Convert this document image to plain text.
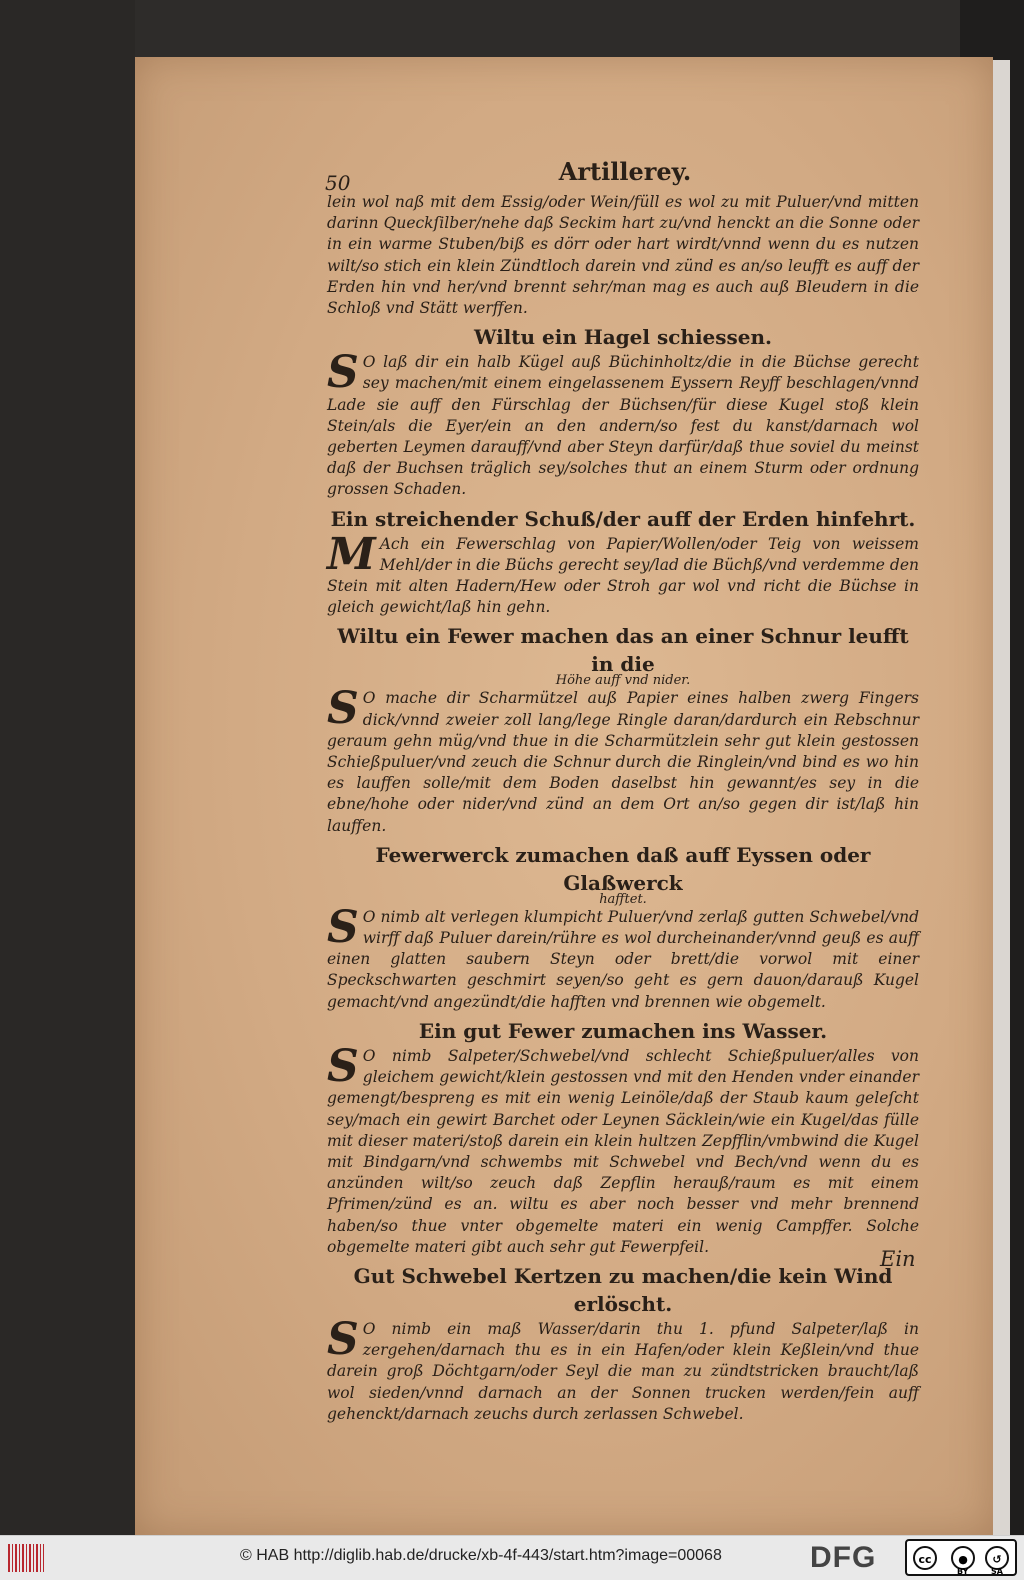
50	Artillerey.

lein wol naß mit dem Essig/oder Wein/füll es wol zu mit Puluer/vnd mitten darinn Queckſilber/nehe daß Seckim hart zu/vnd henckt an die Sonne oder in ein warme Stuben/biß es dörr oder hart wirdt/vnnd wenn du es nutzen wilt/so stich ein klein Zündtloch darein vnd zünd es an/so leufft es auff der Erden hin vnd her/vnd brennt sehr/man mag es auch auß Bleudern in die Schloß vnd Stätt werffen.

Wiltu ein Hagel schiessen.

S O laß dir ein halb Kügel auß Büchinholtz/die in die Büchse gerecht sey machen/mit einem eingelassenem Eyssern Reyff beschlagen/vnnd Lade sie auff den Fürschlag der Büchsen/für diese Kugel stoß klein Stein/als die Eyer/ein an den andern/so fest du kanst/darnach wol geberten Leymen darauff/vnd aber Steyn darfür/daß thue soviel du meinst daß der Buchsen träglich sey/solches thut an einem Sturm oder ordnung grossen Schaden.

Ein streichender Schuß/der auff der Erden hinfehrt.

M Ach ein Fewerschlag von Papier/Wollen/oder Teig von weissem Mehl/der in die Büchs gerecht sey/lad die Büchß/vnd verdemme den Stein mit alten Hadern/Hew oder Stroh gar wol vnd richt die Büchse in gleich gewicht/laß hin gehn.

Wiltu ein Fewer machen das an einer Schnur leufft in die
Höhe auff vnd nider.

S O mache dir Scharmützel auß Papier eines halben zwerg Fingers dick/vnnd zweier zoll lang/lege Ringle daran/dardurch ein Rebschnur geraum gehn müg/vnd thue in die Scharmützlein sehr gut klein gestossen Schießpuluer/vnd zeuch die Schnur durch die Ringlein/vnd bind es wo hin es lauffen solle/mit dem Boden daselbst hin gewannt/es sey in die ebne/hohe oder nider/vnd zünd an dem Ort an/so gegen dir ist/laß hin lauffen.

Fewerwerck zumachen daß auff Eyssen oder Glaßwerck
hafftet.

S O nimb alt verlegen klumpicht Puluer/vnd zerlaß gutten Schwebel/vnd wirff daß Puluer darein/rühre es wol durcheinander/vnnd geuß es auff einen glatten saubern Steyn oder brett/die vorwol mit einer Speckschwarten geschmirt seyen/so geht es gern dauon/darauß Kugel gemacht/vnd angezündt/die hafften vnd brennen wie obgemelt.

Ein gut Fewer zumachen ins Wasser.

S O nimb Salpeter/Schwebel/vnd schlecht Schießpuluer/alles von gleichem gewicht/klein gestossen vnd mit den Henden vnder einander gemengt/bespreng es mit ein wenig Leinöle/daß der Staub kaum geleſcht sey/mach ein gewirt Barchet oder Leynen Säcklein/wie ein Kugel/das fülle mit dieser materi/stoß darein ein klein hultzen Zepfflin/vmbwind die Kugel mit Bindgarn/vnd schwembs mit Schwebel vnd Bech/vnd wenn du es anzünden wilt/so zeuch daß Zepflin herauß/raum es mit einem Pfrimen/zünd es an. wiltu es aber noch besser vnd mehr brennend haben/so thue vnter obgemelte materi ein wenig Campffer. Solche obgemelte materi gibt auch sehr gut Fewerpfeil.

Gut Schwebel Kertzen zu machen/die kein Wind erlöscht.

S O nimb ein maß Wasser/darin thu 1. pfund Salpeter/laß in zergehen/darnach thu es in ein Hafen/oder klein Keßlein/vnd thue darein groß Döchtgarn/oder Seyl die man zu zündtstricken braucht/laß wol sieden/vnnd darnach an der Sonnen trucken werden/fein auff gehenckt/darnach zeuchs durch zerlassen Schwebel.

Ein
© HAB http://diglib.hab.de/drucke/xb-4f-443/start.htm?image=00068	DFG	cc	●	↺
BY	SA
